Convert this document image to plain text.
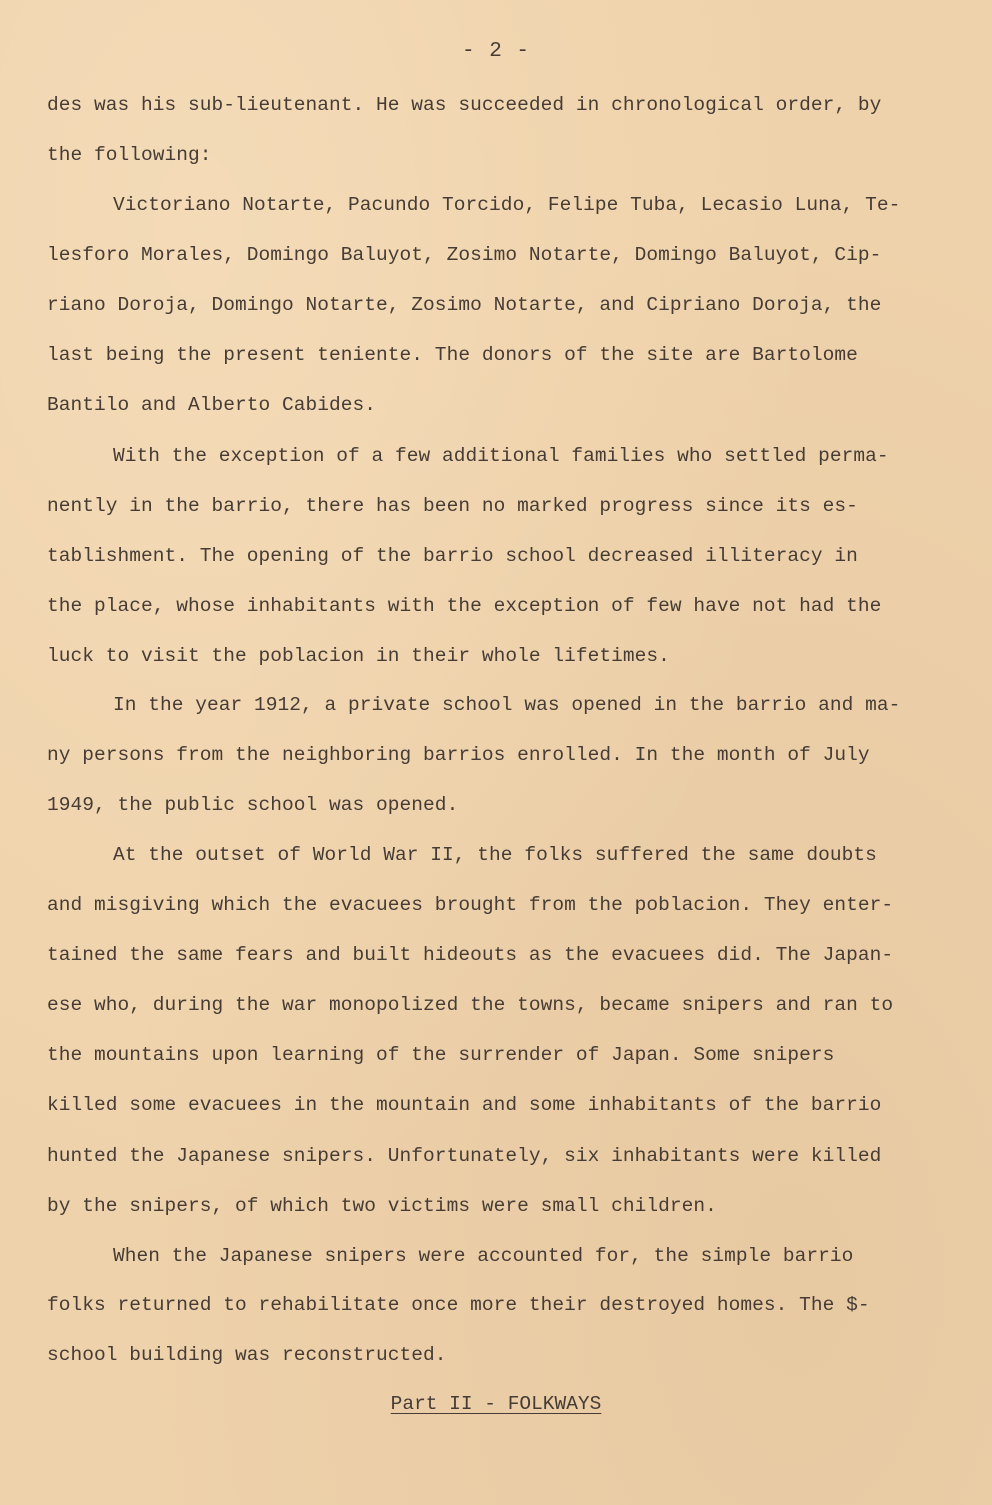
- 2 -
des was his sub-lieutenant. He was succeeded in chronological order, by
the following:
Victoriano Notarte, Pacundo Torcido, Felipe Tuba, Lecasio Luna, Te-
lesforo Morales, Domingo Baluyot, Zosimo Notarte, Domingo Baluyot, Cip-
riano Doroja, Domingo Notarte, Zosimo Notarte, and Cipriano Doroja, the
last being the present teniente. The donors of the site are Bartolome
Bantilo and Alberto Cabides.
With the exception of a few additional families who settled perma-
nently in the barrio, there has been no marked progress since its es-
tablishment. The opening of the barrio school decreased illiteracy in
the place, whose inhabitants with the exception of few have not had the
luck to visit the poblacion in their whole lifetimes.
In the year 1912, a private school was opened in the barrio and ma-
ny persons from the neighboring barrios enrolled. In the month of July
1949, the public school was opened.
At the outset of World War II, the folks suffered the same doubts
and misgiving which the evacuees brought from the poblacion. They enter-
tained the same fears and built hideouts as the evacuees did. The Japan-
ese who, during the war monopolized the towns, became snipers and ran to
the mountains upon learning of the surrender of Japan. Some snipers
killed some evacuees in the mountain and some inhabitants of the barrio
hunted the Japanese snipers. Unfortunately, six inhabitants were killed
by the snipers, of which two victims were small children.
When the Japanese snipers were accounted for, the simple barrio
folks returned to rehabilitate once more their destroyed homes. The $-
school building was reconstructed.
Part II - FOLKWAYS
